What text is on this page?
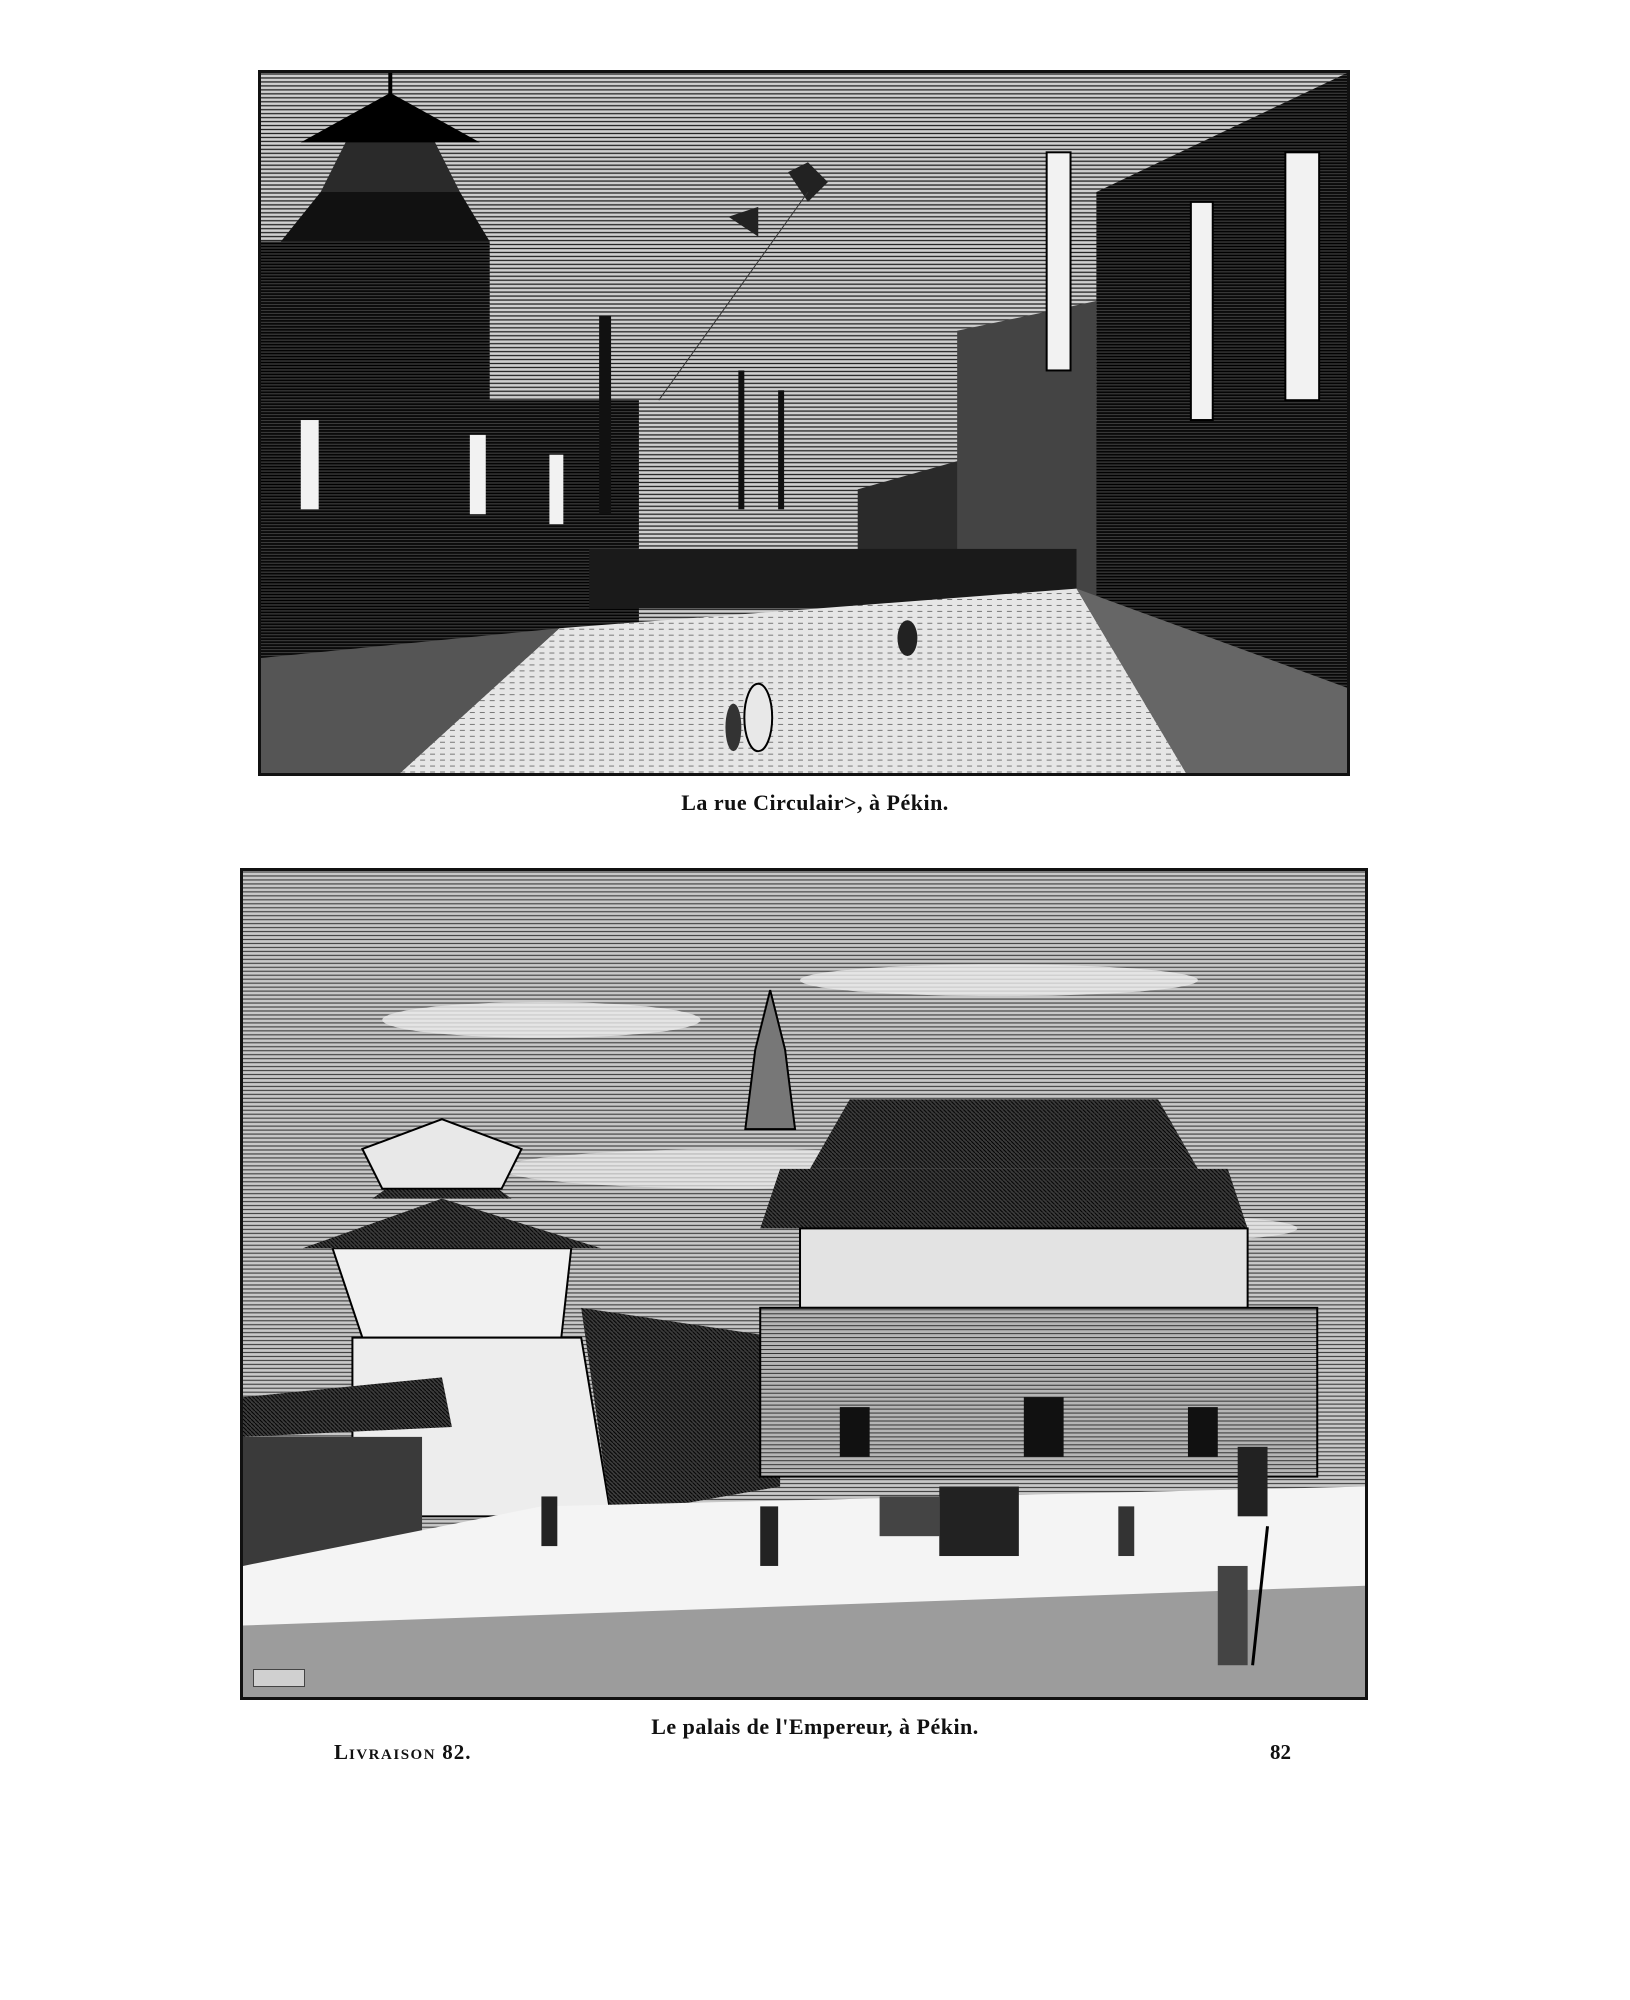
La rue Circulair˃, à Pékin.
Le palais de l'Empereur, à Pékin.
LIVRAISON 82.	82
